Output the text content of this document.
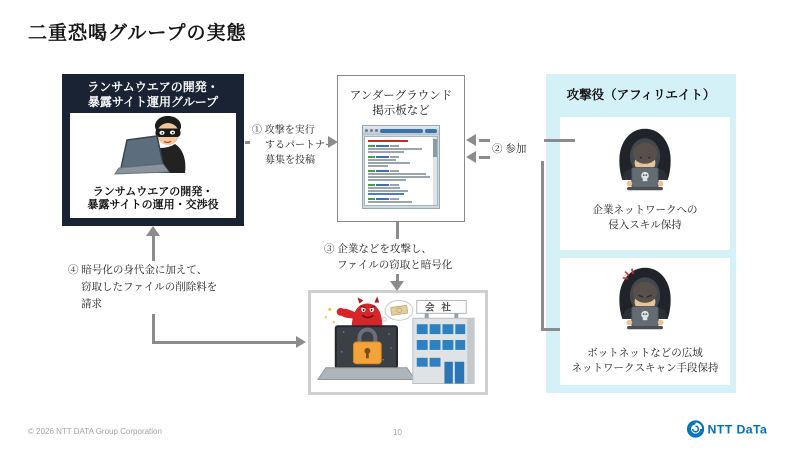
二重恐喝グループの実態
ランサムウエアの開発・
暴露サイト運用グループ
ランサムウエアの開発・
暴露サイトの運用・交渉役
アンダーグラウンド
掲示板など
攻撃役（アフィリエイト）
企業ネットワークへの
侵入スキル保持
ボットネットなどの広域
ネットワークスキャン手段保持
会社
① 攻撃を実行
するパートナー
募集を投稿
② 参加
③ 企業などを攻撃し、
ファイルの窃取と暗号化
④ 暗号化の身代金に加えて、
窃取したファイルの削除料を
請求
© 2026 NTT DATA Group Corporation	10	NTT DaTa
